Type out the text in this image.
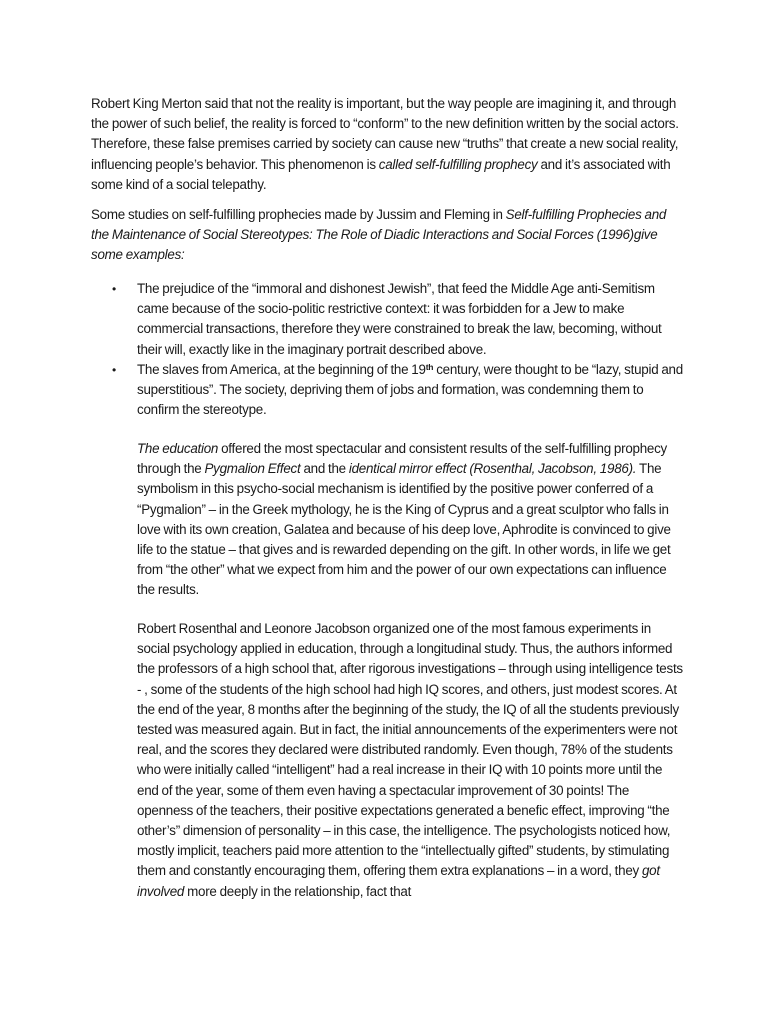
Robert King Merton said that not the reality is important, but the way people are imagining it, and through the power of such belief, the reality is forced to “conform” to the new definition written by the social actors. Therefore, these false premises carried by society can cause new “truths” that create a new social reality, influencing people’s behavior. This phenomenon is called self-fulfilling prophecy and it’s associated with some kind of a social telepathy.

Some studies on self-fulfilling prophecies made by Jussim and Fleming in Self-fulfilling Prophecies and the Maintenance of Social Stereotypes: The Role of Diadic Interactions and Social Forces (1996)give some examples:

•	The prejudice of the “immoral and dishonest Jewish”, that feed the Middle Age anti-Semitism came because of the socio-politic restrictive context: it was forbidden for a Jew to make commercial transactions, therefore they were constrained to break the law, becoming, without their will, exactly like in the imaginary portrait described above.
•	The slaves from America, at the beginning of the 19th century, were thought to be “lazy, stupid and superstitious”. The society, depriving them of jobs and formation, was condemning them to confirm the stereotype.

The education offered the most spectacular and consistent results of the self-fulfilling prophecy through the Pygmalion Effect and the identical mirror effect (Rosenthal, Jacobson, 1986). The symbolism in this psycho-social mechanism is identified by the positive power conferred of a “Pygmalion” – in the Greek mythology, he is the King of Cyprus and a great sculptor who falls in love with its own creation, Galatea and because of his deep love, Aphrodite is convinced to give life to the statue – that gives and is rewarded depending on the gift. In other words, in life we get from “the other” what we expect from him and the power of our own expectations can influence the results.

Robert Rosenthal and Leonore Jacobson organized one of the most famous experiments in social psychology applied in education, through a longitudinal study. Thus, the authors informed the professors of a high school that, after rigorous investigations – through using intelligence tests - , some of the students of the high school had high IQ scores, and others, just modest scores. At the end of the year, 8 months after the beginning of the study, the IQ of all the students previously tested was measured again. But in fact, the initial announcements of the experimenters were not real, and the scores they declared were distributed randomly. Even though, 78% of the students who were initially called “intelligent” had a real increase in their IQ with 10 points more until the end of the year, some of them even having a spectacular improvement of 30 points! The openness of the teachers, their positive expectations generated a benefic effect, improving “the other’s” dimension of personality – in this case, the intelligence. The psychologists noticed how, mostly implicit, teachers paid more attention to the “intellectually gifted” students, by stimulating them and constantly encouraging them, offering them extra explanations – in a word, they got involved more deeply in the relationship, fact that
